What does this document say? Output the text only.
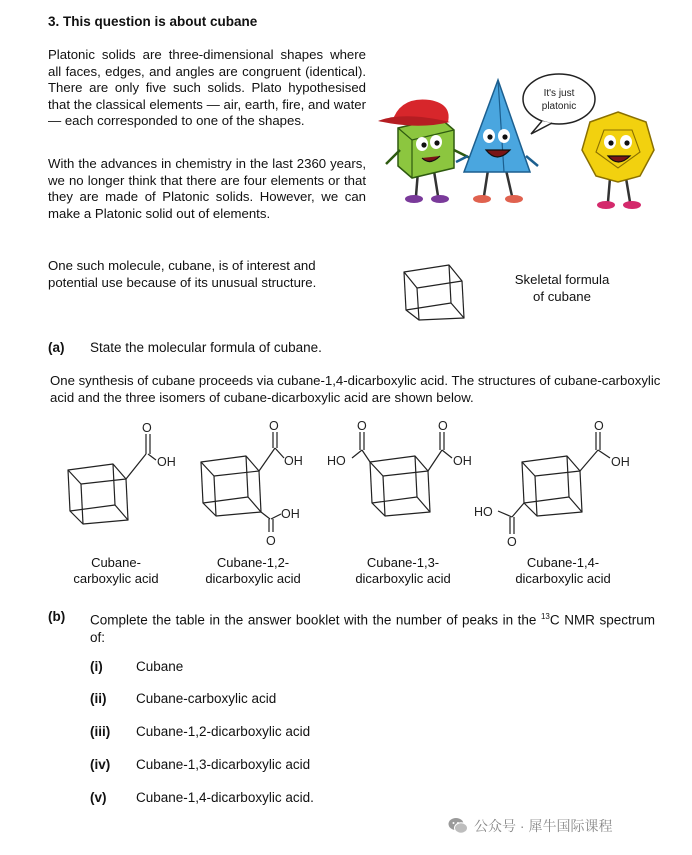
3. This question is about cubane
Platonic solids are three-dimensional shapes where all faces, edges, and angles are congruent (identical). There are only five such solids. Plato hypothesised that the classical elements — air, earth, fire, and water — each corresponded to one of the shapes.
With the advances in chemistry in the last 2360 years, we no longer think that there are four elements or that they are made of Platonic solids. However, we can make a Platonic solid out of elements.
One such molecule, cubane, is of interest and potential use because of its unusual structure.
It's just
platonic
Skeletal formula
of cubane
(a) State the molecular formula of cubane.
One synthesis of cubane proceeds via cubane-1,4-dicarboxylic acid. The structures of cubane-carboxylic acid and the three isomers of cubane-dicarboxylic acid are shown below.
O
OH
O
OH
OH
O
O
HO
O
OH
O
OH
HO
O
Cubane-
carboxylic acid
Cubane-1,2-
dicarboxylic acid
Cubane-1,3-
dicarboxylic acid
Cubane-1,4-
dicarboxylic acid
(b) Complete the table in the answer booklet with the number of peaks in the $^{13}$C NMR spectrum of:
(i) Cubane
(ii) Cubane-carboxylic acid
(iii) Cubane-1,2-dicarboxylic acid
(iv) Cubane-1,3-dicarboxylic acid
(v) Cubane-1,4-dicarboxylic acid.
公众号 · 犀牛国际课程
